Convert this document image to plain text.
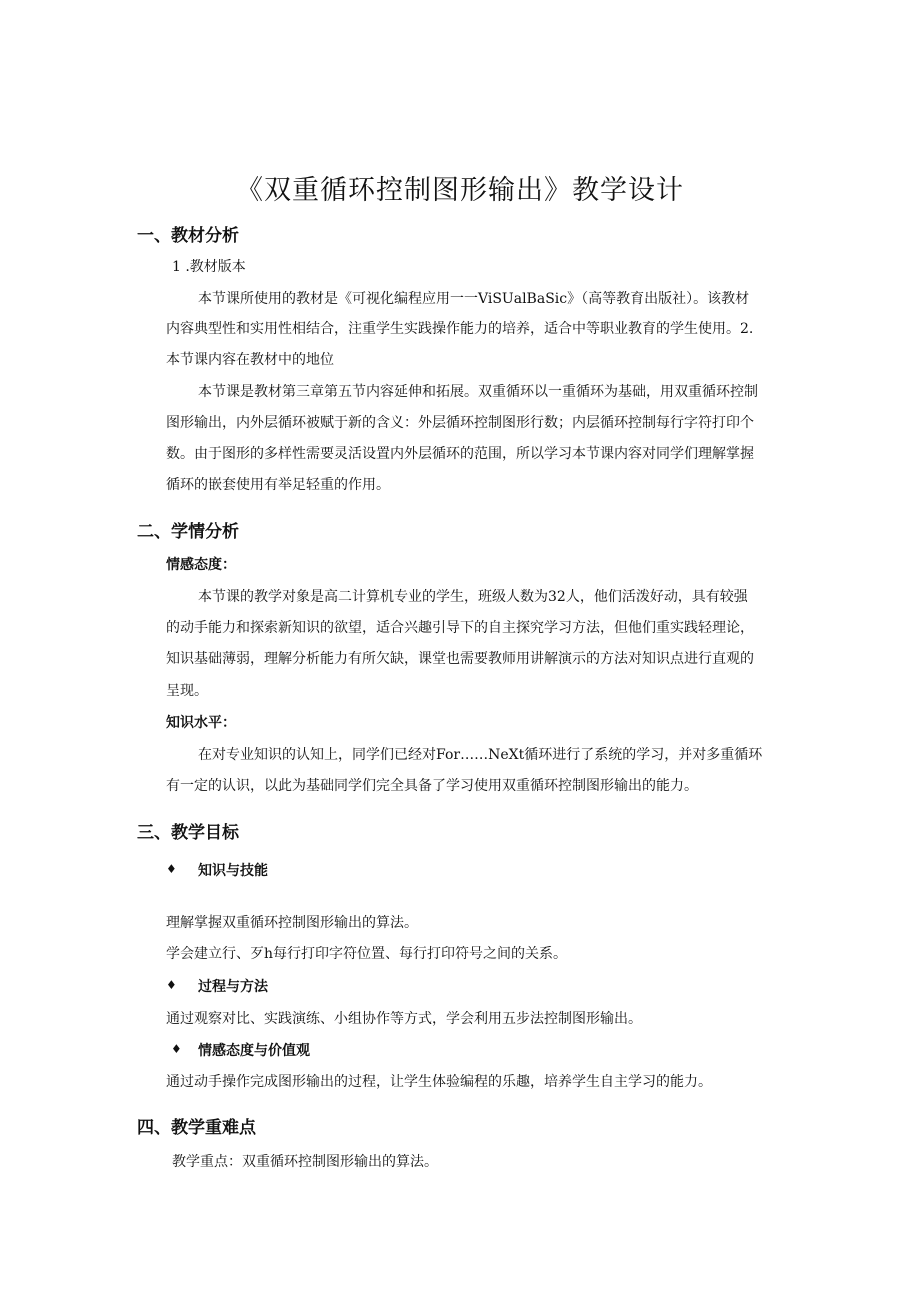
《双重循环控制图形输出》教学设计
一、教材分析
1 .教材版本
本节课所使用的教材是《可视化编程应用一一ViSUalBaSic》（高等教育出版社）。该教材
内容典型性和实用性相结合，注重学生实践操作能力的培养，适合中等职业教育的学生使用。2.
本节课内容在教材中的地位
本节课是教材第三章第五节内容延伸和拓展。双重循环以一重循环为基础，用双重循环控制
图形输出，内外层循环被赋于新的含义：外层循环控制图形行数；内层循环控制每行字符打印个
数。由于图形的多样性需要灵活设置内外层循环的范围，所以学习本节课内容对同学们理解掌握
循环的嵌套使用有举足轻重的作用。
二、学情分析
情感态度：
本节课的教学对象是高二计算机专业的学生，班级人数为32人，他们活泼好动，具有较强
的动手能力和探索新知识的欲望，适合兴趣引导下的自主探究学习方法，但他们重实践轻理论，
知识基础薄弱，理解分析能力有所欠缺，课堂也需要教师用讲解演示的方法对知识点进行直观的
呈现。
知识水平：
在对专业知识的认知上，同学们已经对For……NeXt循环进行了系统的学习，并对多重循环
有一定的认识，以此为基础同学们完全具备了学习使用双重循环控制图形输出的能力。
三、教学目标
♦ 知识与技能
理解掌握双重循环控制图形输出的算法。
学会建立行、歹h每行打印字符位置、每行打印符号之间的关系。
♦ 过程与方法
通过观察对比、实践演练、小组协作等方式，学会利用五步法控制图形输出。
♦ 情感态度与价值观
通过动手操作完成图形输出的过程，让学生体验编程的乐趣，培养学生自主学习的能力。
四、教学重难点
教学重点：双重循环控制图形输出的算法。
